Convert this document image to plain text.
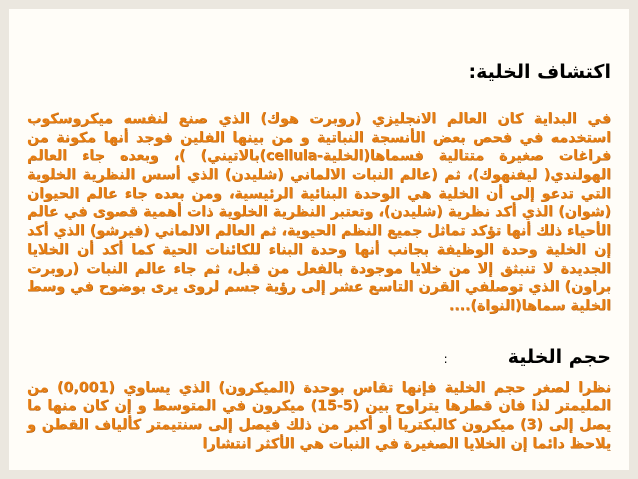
اكتشاف الخلية:

في البداية كان العالم الانجليزي (روبرت هوك) الذي صنع لنفسه ميكروسكوب استخدمه في فحص بعض الأنسجة النباتية و من بينها الفلين فوجد أنها مكونة من فراغات صغيرة متتالية فسماها(الخلية-cellula)بالاتيني) )، وبعده جاء العالم الهولندي( ليفنهوك)، ثم (عالم النبات الالماني (شليدن) الذي أسس النظرية الخلوية التي تدعو إلى أن الخلية هي الوحدة البنائية الرئيسية، ومن بعده جاء عالم الحيوان (شوان) الذي أكد نظرية (شليدن)، وتعتبر النظرية الخلوية ذات أهمية قصوى في عالم الأحياء ذلك أنها تؤكد تماثل جميع النظم الحيوية، ثم العالم الالماني (فيرشو) الذي أكد إن الخلية وحدة الوظيفة بجانب أنها وحدة البناء للكائنات الحية كما أكد أن الخلايا الجديدة لا تنبثق إلا من خلايا موجودة بالفعل من قبل، ثم جاء عالم النبات (روبرت براون) الذي توصلفي القرن التاسع عشر إلى رؤية جسم لروى يرى بوضوح في وسط الخلية سماها(النواة)....

حجم الخلية:

نظرا لصغر حجم الخلية فإنها تقاس بوحدة (الميكرون) الذي يساوي (0,001) من المليمتر لذا فان قطرها يتراوح بين (5-15) ميكرون في المتوسط و إن كان منها ما يصل إلى (3) ميكرون كالبكتريا أو أكبر من ذلك فيصل إلى سنتيمتر كألياف القطن و يلاحظ دائما إن الخلايا الصغيرة في النبات هي الأكثر انتشارا
